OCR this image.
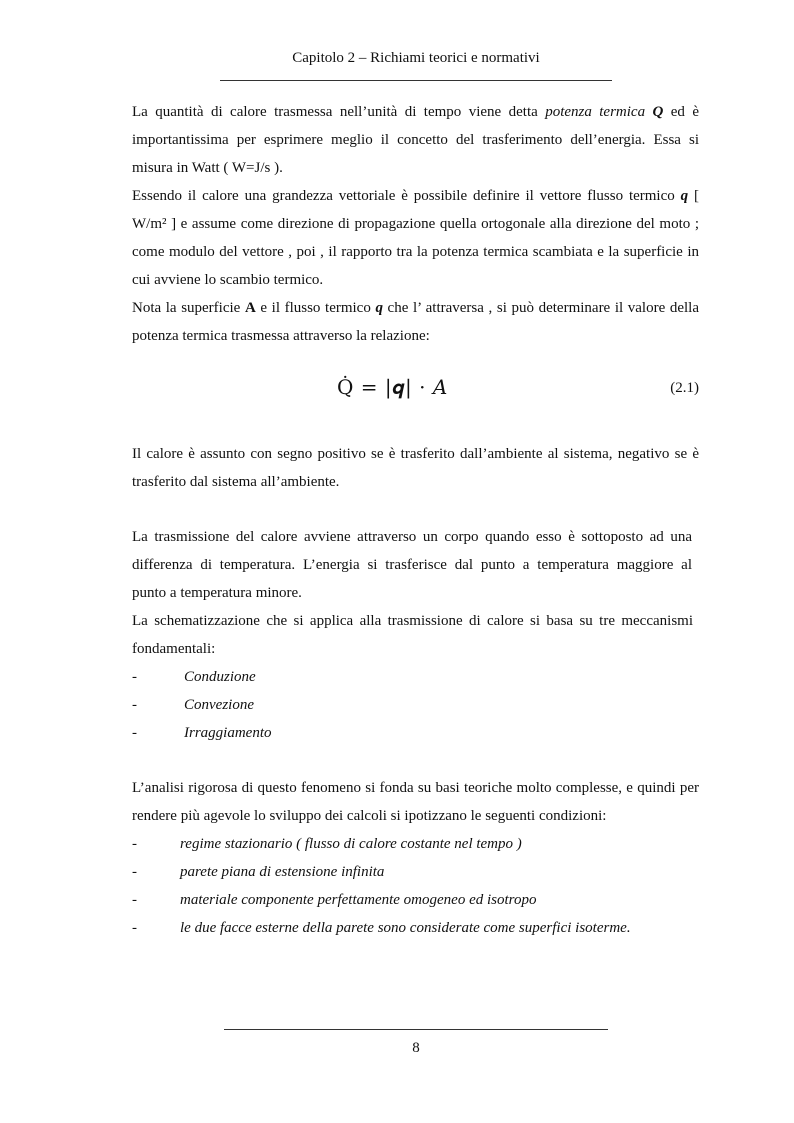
Capitolo 2 – Richiami teorici e normativi

La quantità di calore trasmessa nell’unità di tempo viene detta potenza termica Q ed è importantissima per esprimere meglio il concetto del trasferimento dell’energia. Essa si misura in Watt ( W=J/s ).

Essendo il calore una grandezza vettoriale è possibile definire il vettore flusso termico q [ W/m² ] e assume come direzione di propagazione quella ortogonale alla direzione del moto ; come modulo del vettore , poi , il rapporto tra la potenza termica scambiata e la superficie in cui avviene lo scambio termico.

Nota la superficie A e il flusso termico q che l’ attraversa , si può determinare il valore della potenza termica trasmessa attraverso la relazione:

Q̇ = |𝒒| · 𝐴	(2.1)

Il calore è assunto con segno positivo se è trasferito dall’ambiente al sistema, negativo se è trasferito dal sistema all’ambiente.

La trasmissione del calore avviene attraverso un corpo quando esso è sottoposto ad una

differenza di temperatura. L’energia si trasferisce dal punto a temperatura maggiore al

punto a temperatura minore.

La schematizzazione che si applica alla trasmissione di calore si basa su tre meccanismi fondamentali:

-	Conduzione
-	Convezione
-	Irraggiamento

L’analisi rigorosa di questo fenomeno si fonda su basi teoriche molto complesse, e quindi per rendere più agevole lo sviluppo dei calcoli si ipotizzano le seguenti condizioni:

-	regime stazionario ( flusso di calore costante nel tempo )
-	parete piana di estensione infinita
-	materiale componente perfettamente omogeneo ed isotropo
-	le due facce esterne della parete sono considerate come superfici isoterme.
8
